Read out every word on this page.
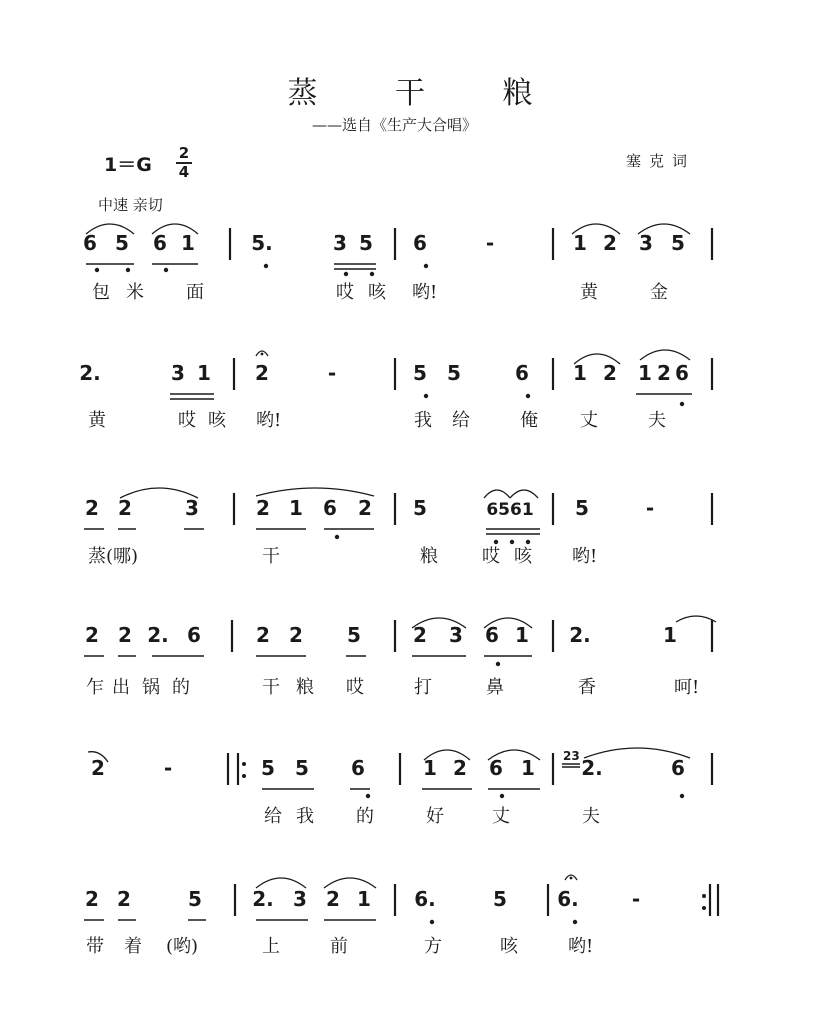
蒸 干 粮
——选自《生产大合唱》
1＝G
2
4
塞克词
中速 亲切
6 5 6 1	5.	3 5 6	-	1 2 3 5
包 米 面	哎 咳 哟!	黄	金
2.	3 1 2	-	5 5	6 1 2 1 2 6
黄	哎 咳 哟!	我 给	俺 丈	夫
2 2	3	2 1 6 2 5	6561 5	-
蒸(哪)	干	粮 哎 咳 哟!
2 2 2. 6	2 2 5	2 3 6 1 2.	1
乍 出 锅 的	干 粮 哎	打	鼻	香	呵!
2	-	5 5 6	1 2 6 1 2.	6
给 我 的	好	丈	夫
2 2	5	2. 3 2 1 6.	5	6.	-
带 着 (哟)	上	前	方	咳	哟!
23
